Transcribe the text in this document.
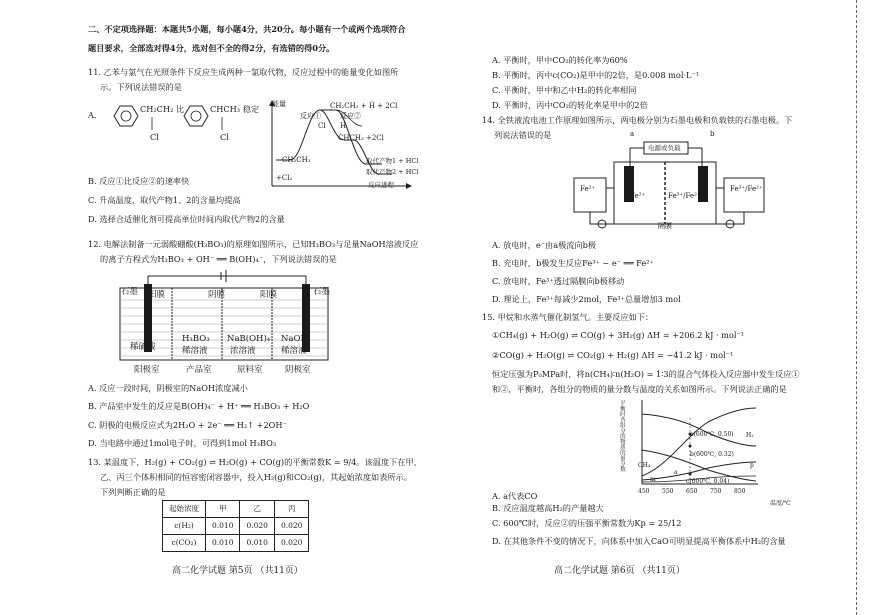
二、不定项选择题：本题共5小题，每小题4分，共20分。每小题有一个或两个选项符合
题目要求，全部选对得4分，选对但不全的得2分，有选错的得0分。
11. 乙苯与氯气在光照条件下反应生成两种一氯取代物，反应过程中的能量变化如图所
示。下列说法错误的是
A.
CH₂CH₂ 比	CHCH₃ 稳定
Cl	Cl
能量
反应①
CH₂CH₂ + Ḣ + 2Cl
反应②
Cl H
ĊHCH₃ +2Cl
CH₂CH₃
+Cl₂
取代产物1 + HCl
取代产物2 + HCl
反应进程
B. 反应①比反应②的速率快
C. 升高温度，取代产物1、2的含量均提高
D. 选择合适催化剂可提高单位时间内取代产物2的含量
12. 电解法制备一元弱酸硼酸(H₃BO₃)的原理如图所示，已知H₃BO₃与足量NaOH溶液反应
的离子方程式为H₃BO₃ + OH⁻ ══ B(OH)₄⁻，下列说法错误的是
石墨 阳膜	阴膜	阳膜	石墨
稀硫酸
H₃BO₃
稀溶液
NaB(OH)₄
浓溶液
NaOH
稀溶液
阳极室	产品室	原料室	阴极室
A. 反应一段时间，阴极室的NaOH浓度减小
B. 产品室中发生的反应是B(OH)₄⁻ + H⁺ ══ H₃BO₃ + H₂O
C. 阴极的电极反应式为2H₂O + 2e⁻ ══ H₂↑ +2OH⁻
D. 当电路中通过1mol电子时，可得到1mol H₃BO₃
13. 某温度下，H₂(g) + CO₂(g) ⇌ H₂O(g) + CO(g)的平衡常数K = 9/4。该温度下在甲、
乙、丙三个体积相同的恒容密闭容器中，投入H₂(g)和CO₂(g)，其起始浓度如表所示。
下列判断正确的是
起始浓度	甲	乙	丙
c(H₂)	0.010	0.020	0.020
c(CO₂)	0.010	0.010	0.020
高二化学试题 第5页 （共11页）
A. 平衡时，甲中CO₂的转化率为60%
B. 平衡时，丙中c(CO₂)是甲中的2倍，是0.008 mol·L⁻¹
C. 平衡时，甲中和乙中H₂的转化率相同
D. 平衡时，丙中CO₂的转化率是甲中的2倍
14. 全铁液流电池工作原理如图所示，两电极分别为石墨电极和负载铁的石墨电极。下
列说法错误的是	a	b
电源或负载
Fe²⁺
Fe²⁺	Fe³⁺/Fe²⁺
Fe³⁺/Fe²⁺
隔膜
A. 放电时，e⁻由a极流向b极
B. 充电时，b极发生反应Fe³⁺ − e⁻ ══ Fe²⁺
C. 放电时，Fe³⁺透过隔膜向b极移动
D. 理论上，Fe³⁺每减少2mol，Fe³⁺总量增加3 mol
15. 甲烷和水蒸气催化制氢气。主要反应如下：
①CH₄(g) + H₂O(g) ⇌ CO(g) + 3H₂(g) ΔH = +206.2 kJ · mol⁻¹
②CO(g) + H₂O(g) ⇌ CO₂(g) + H₂(g) ΔH = −41.2 kJ · mol⁻¹
恒定压强为P₀MPa时，将n(CH₄)∶n(H₂O) = 1∶3的混合气体投入反应器中发生反应①
和②，平衡时，各组分的物质的量分数与温度的关系如图所示。下列说法正确的是
平衡时各组分的物质的量分数	a(600℃, 0.50) H₂
b(600℃, 0.32)
p
CH₄
a
m	c(600℃, 0.04)
450 550 650 750 850
温度/℃
A. a代表CO
B. 反应温度越高H₂的产量越大
C. 600℃时，反应②的压强平衡常数为Kp = 25/12
D. 在其他条件不变的情况下，向体系中加入CaO可明显提高平衡体系中H₂的含量
高二化学试题 第6页 （共11页）
